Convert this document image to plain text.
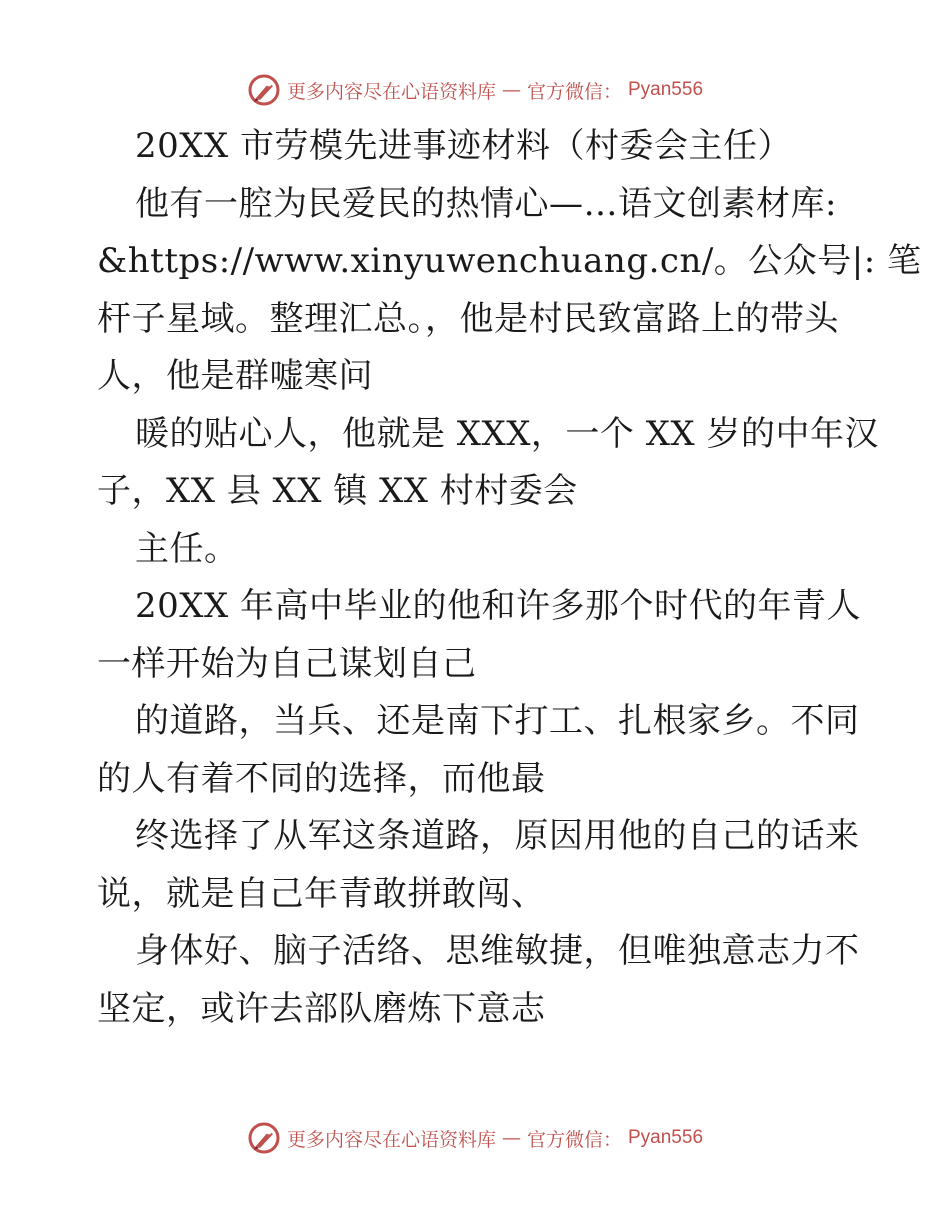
更多内容尽在心语资料库 — 官方微信： Pyan556
20XX 市劳模先进事迹材料（村委会主任）
他有一腔为民爱民的热情心—…语文创素材库:
&https://www.xinyuwenchuang.cn/。公众号|: 笔
杆子星域。整理汇总。，他是村民致富路上的带头
人，他是群嘘寒问
暖的贴心人，他就是 XXX，一个 XX 岁的中年汉
子，XX 县 XX 镇 XX 村村委会
主任。
20XX 年高中毕业的他和许多那个时代的年青人
一样开始为自己谋划自己
的道路，当兵、还是南下打工、扎根家乡。不同
的人有着不同的选择，而他最
终选择了从军这条道路，原因用他的自己的话来
说，就是自己年青敢拼敢闯、
身体好、脑子活络、思维敏捷，但唯独意志力不
坚定，或许去部队磨炼下意志
更多内容尽在心语资料库 — 官方微信： Pyan556
